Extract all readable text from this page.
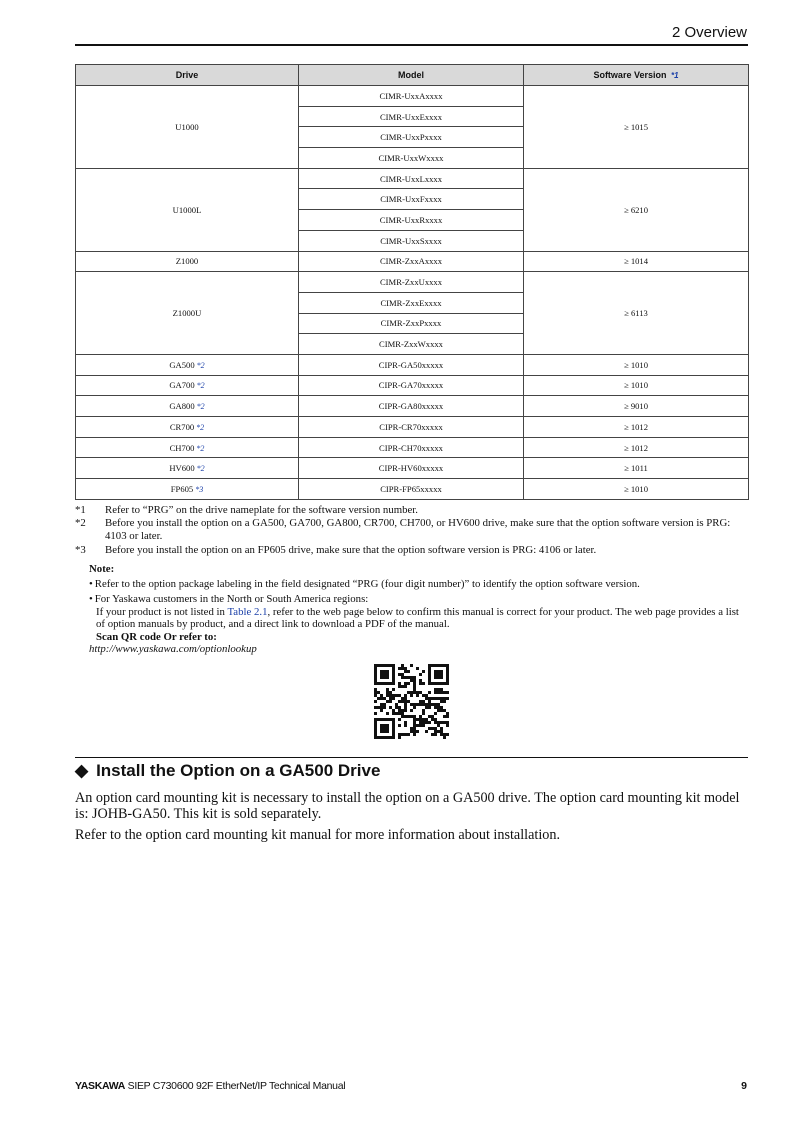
2 Overview
Drive	Model	Software Version *1
U1000	CIMR-UxxAxxxx	≥ 1015
	CIMR-UxxExxxx	
	CIMR-UxxPxxxx	
	CIMR-UxxWxxxx	
U1000L	CIMR-UxxLxxxx	≥ 6210
	CIMR-UxxFxxxx	
	CIMR-UxxRxxxx	
	CIMR-UxxSxxxx	
Z1000	CIMR-ZxxAxxxx	≥ 1014
Z1000U	CIMR-ZxxUxxxx	≥ 6113
	CIMR-ZxxExxxx	
	CIMR-ZxxPxxxx	
	CIMR-ZxxWxxxx	
GA500 *2	CIPR-GA50xxxxx	≥ 1010
GA700 *2	CIPR-GA70xxxxx	≥ 1010
GA800 *2	CIPR-GA80xxxxx	≥ 9010
CR700 *2	CIPR-CR70xxxxx	≥ 1012
CH700 *2	CIPR-CH70xxxxx	≥ 1012
HV600 *2	CIPR-HV60xxxxx	≥ 1011
FP605 *3	CIPR-FP65xxxxx	≥ 1010
*1	Refer to “PRG” on the drive nameplate for the software version number.
*2	Before you install the option on a GA500, GA700, GA800, CR700, CH700, or HV600 drive, make sure that the option software version is PRG: 4103 or later.
*3	Before you install the option on an FP605 drive, make sure that the option software version is PRG: 4106 or later.
Note:
• Refer to the option package labeling in the field designated “PRG (four digit number)” to identify the option software version.
• For Yaskawa customers in the North or South America regions:
If your product is not listed in Table 2.1, refer to the web page below to confirm this manual is correct for your product. The web page provides a list of option manuals by product, and a direct link to download a PDF of the manual.
Scan QR code Or refer to:
http://www.yaskawa.com/optionlookup
◆ Install the Option on a GA500 Drive

An option card mounting kit is necessary to install the option on a GA500 drive. The option card mounting kit model is: JOHB-GA50. This kit is sold separately.

Refer to the option card mounting kit manual for more information about installation.

YASKAWA SIEP C730600 92F EtherNet/IP Technical Manual	9
